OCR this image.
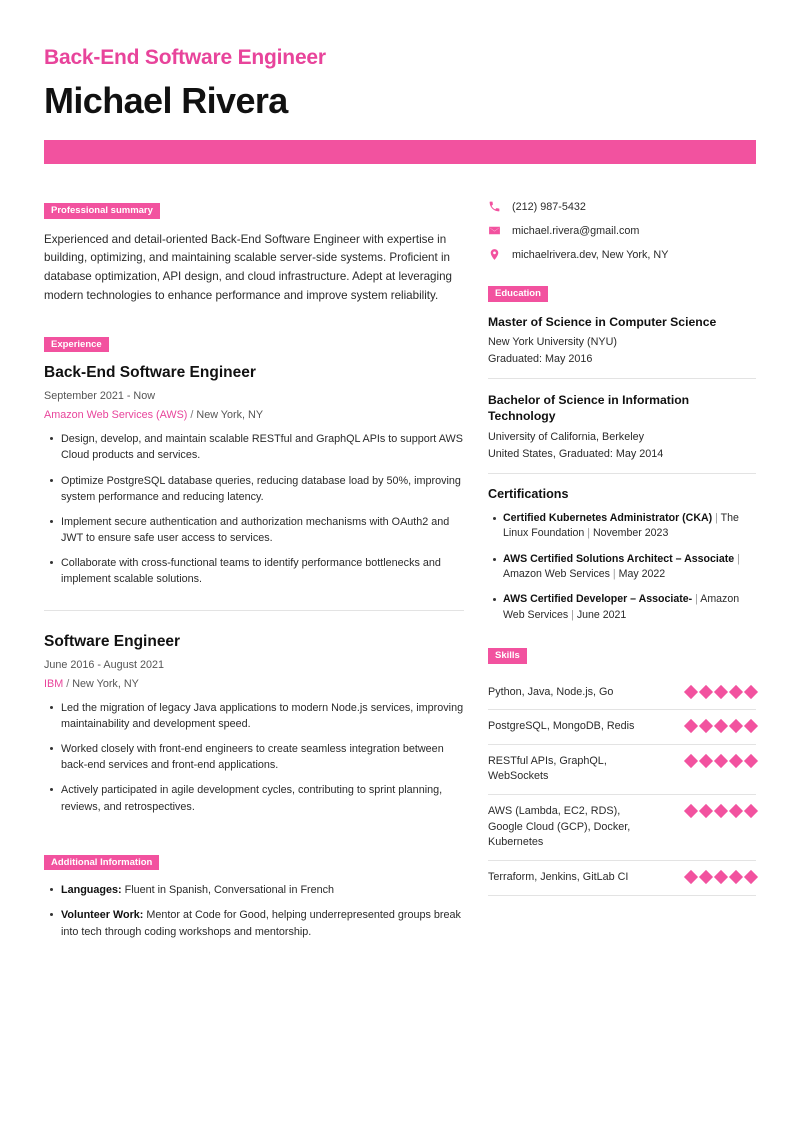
Back-End Software Engineer
Michael Rivera
Professional summary

Experienced and detail-oriented Back-End Software Engineer with expertise in building, optimizing, and maintaining scalable server-side systems. Proficient in database optimization, API design, and cloud infrastructure. Adept at leveraging modern technologies to enhance performance and improve system reliability.

Experience
Back-End Software Engineer
September 2021 - Now
Amazon Web Services (AWS) / New York, NY
Design, develop, and maintain scalable RESTful and GraphQL APIs to support AWS Cloud products and services.
Optimize PostgreSQL database queries, reducing database load by 50%, improving system performance and reducing latency.
Implement secure authentication and authorization mechanisms with OAuth2 and JWT to ensure safe user access to services.
Collaborate with cross-functional teams to identify performance bottlenecks and implement scalable solutions.
Software Engineer
June 2016 - August 2021
IBM / New York, NY
Led the migration of legacy Java applications to modern Node.js services, improving maintainability and development speed.
Worked closely with front-end engineers to create seamless integration between back-end services and front-end applications.
Actively participated in agile development cycles, contributing to sprint planning, reviews, and retrospectives.
Additional Information
Languages: Fluent in Spanish, Conversational in French
Volunteer Work: Mentor at Code for Good, helping underrepresented groups break into tech through coding workshops and mentorship.
(212) 987-5432
michael.rivera@gmail.com
michaelrivera.dev, New York, NY
Education
Master of Science in Computer Science
New York University (NYU)
Graduated: May 2016
Bachelor of Science in Information Technology
University of California, Berkeley
United States, Graduated: May 2014
Certifications
Certified Kubernetes Administrator (CKA) | The Linux Foundation | November 2023
AWS Certified Solutions Architect – Associate | Amazon Web Services | May 2022
AWS Certified Developer – Associate- | Amazon Web Services | June 2021
Skills
Python, Java, Node.js, Go
PostgreSQL, MongoDB, Redis
RESTful APIs, GraphQL, WebSockets
AWS (Lambda, EC2, RDS), Google Cloud (GCP), Docker, Kubernetes
Terraform, Jenkins, GitLab CI
